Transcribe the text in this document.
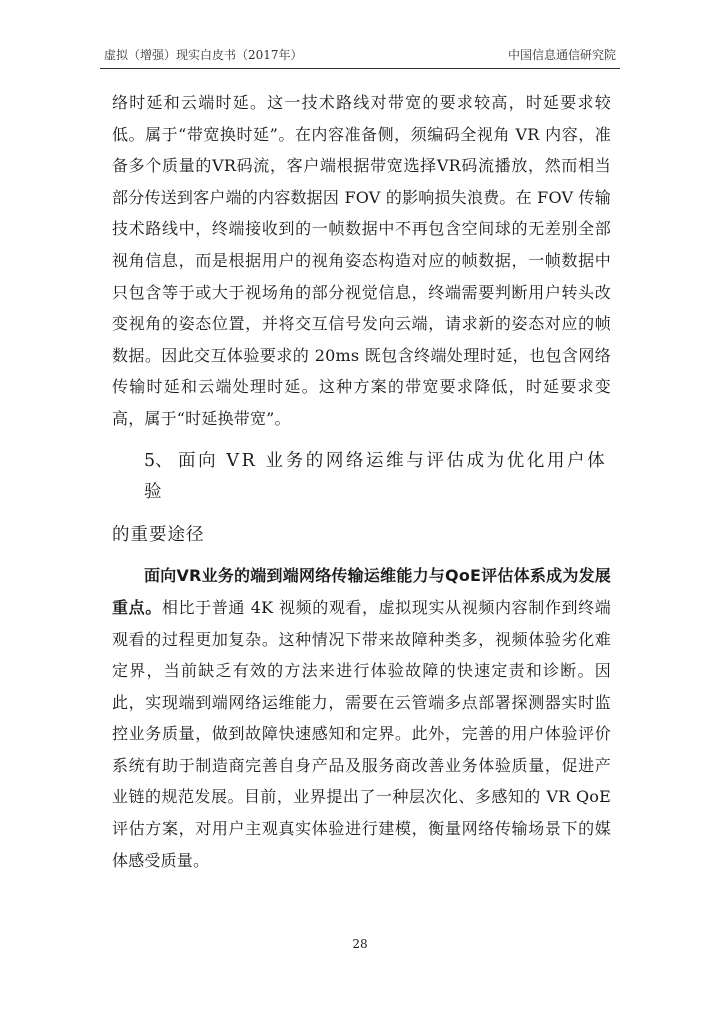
虚拟（增强）现实白皮书（2017年）	中国信息通信研究院

络时延和云端时延。这一技术路线对带宽的要求较高，时延要求较低。属于“带宽换时延”。在内容准备侧，须编码全视角 VR 内容，准备多个质量的VR码流，客户端根据带宽选择VR码流播放，然而相当部分传送到客户端的内容数据因 FOV 的影响损失浪费。在 FOV 传输技术路线中，终端接收到的一帧数据中不再包含空间球的无差别全部视角信息，而是根据用户的视角姿态构造对应的帧数据，一帧数据中只包含等于或大于视场角的部分视觉信息，终端需要判断用户转头改变视角的姿态位置，并将交互信号发向云端，请求新的姿态对应的帧数据。因此交互体验要求的 20ms 既包含终端处理时延，也包含网络传输时延和云端处理时延。这种方案的带宽要求降低，时延要求变高，属于“时延换带宽”。

5、 面向 VR 业务的网络运维与评估成为优化用户体验
的重要途径

面向VR业务的端到端网络传输运维能力与QoE评估体系成为发展重点。相比于普通 4K 视频的观看，虚拟现实从视频内容制作到终端观看的过程更加复杂。这种情况下带来故障种类多，视频体验劣化难定界，当前缺乏有效的方法来进行体验故障的快速定责和诊断。因此，实现端到端网络运维能力，需要在云管端多点部署探测器实时监控业务质量，做到故障快速感知和定界。此外，完善的用户体验评价系统有助于制造商完善自身产品及服务商改善业务体验质量，促进产业链的规范发展。目前，业界提出了一种层次化、多感知的 VR QoE 评估方案，对用户主观真实体验进行建模，衡量网络传输场景下的媒体感受质量。

28
